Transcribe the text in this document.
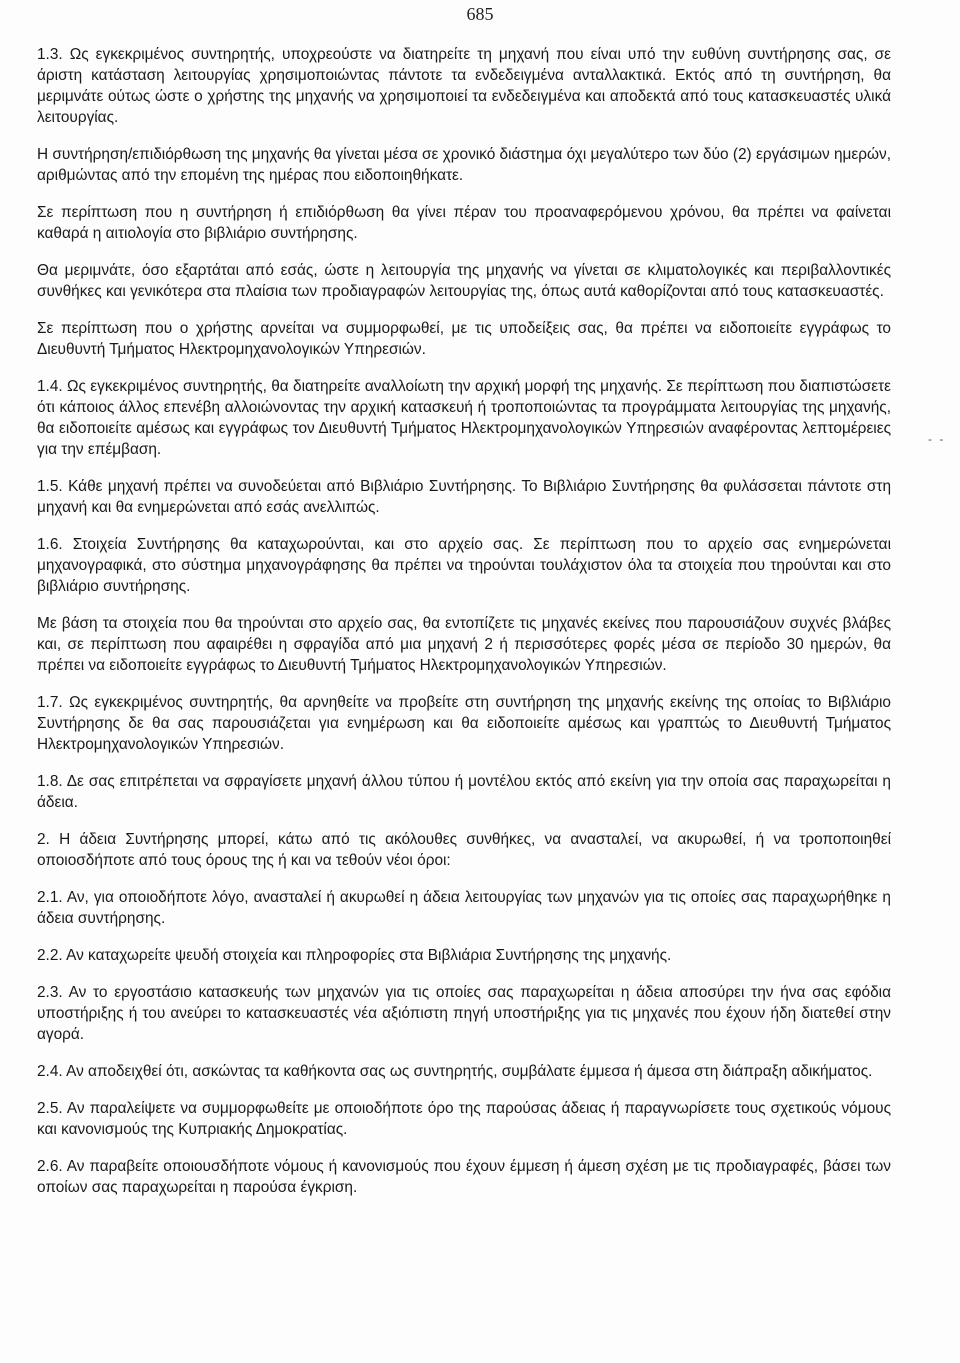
685

1.3. Ως εγκεκριμένος συντηρητής, υποχρεούστε να διατηρείτε τη μηχανή που είναι υπό την ευθύνη συντήρησης σας, σε άριστη κατάσταση λειτουργίας χρησιμοποιώντας πάντοτε τα ενδεδειγμένα ανταλλακτικά. Εκτός από τη συντήρηση, θα μεριμνάτε ούτως ώστε ο χρήστης της μηχανής να χρησιμοποιεί τα ενδεδειγμένα και αποδεκτά από τους κατασκευαστές υλικά λειτουργίας.

Η συντήρηση/επιδιόρθωση της μηχανής θα γίνεται μέσα σε χρονικό διάστημα όχι μεγαλύτερο των δύο (2) εργάσιμων ημερών, αριθμώντας από την επομένη της ημέρας που ειδοποιηθήκατε.

Σε περίπτωση που η συντήρηση ή επιδιόρθωση θα γίνει πέραν του προαναφερόμενου χρόνου, θα πρέπει να φαίνεται καθαρά η αιτιολογία στο βιβλιάριο συντήρησης.

Θα μεριμνάτε, όσο εξαρτάται από εσάς, ώστε η λειτουργία της μηχανής να γίνεται σε κλιματολογικές και περιβαλλοντικές συνθήκες και γενικότερα στα πλαίσια των προδιαγραφών λειτουργίας της, όπως αυτά καθορίζονται από τους κατασκευαστές.

Σε περίπτωση που ο χρήστης αρνείται να συμμορφωθεί, με τις υποδείξεις σας, θα πρέπει να ειδοποιείτε εγγράφως το Διευθυντή Τμήματος Ηλεκτρομηχανολογικών Υπηρεσιών.

1.4. Ως εγκεκριμένος συντηρητής, θα διατηρείτε αναλλοίωτη την αρχική μορφή της μηχανής. Σε περίπτωση που διαπιστώσετε ότι κάποιος άλλος επενέβη αλλοιώνοντας την αρχική κατασκευή ή τροποποιώντας τα προγράμματα λειτουργίας της μηχανής, θα ειδοποιείτε αμέσως και εγγράφως τον Διευθυντή Τμήματος Ηλεκτρομηχανολογικών Υπηρεσιών αναφέροντας λεπτομέρειες για την επέμβαση.

1.5. Κάθε μηχανή πρέπει να συνοδεύεται από Βιβλιάριο Συντήρησης. Το Βιβλιάριο Συντήρησης θα φυλάσσεται πάντοτε στη μηχανή και θα ενημερώνεται από εσάς ανελλιπώς.

1.6. Στοιχεία Συντήρησης θα καταχωρούνται, και στο αρχείο σας. Σε περίπτωση που το αρχείο σας ενημερώνεται μηχανογραφικά, στο σύστημα μηχανογράφησης θα πρέπει να τηρούνται τουλάχιστον όλα τα στοιχεία που τηρούνται και στο βιβλιάριο συντήρησης.

Με βάση τα στοιχεία που θα τηρούνται στο αρχείο σας, θα εντοπίζετε τις μηχανές εκείνες που παρουσιάζουν συχνές βλάβες και, σε περίπτωση που αφαιρέθει η σφραγίδα από μια μηχανή 2 ή περισσότερες φορές μέσα σε περίοδο 30 ημερών, θα πρέπει να ειδοποιείτε εγγράφως το Διευθυντή Τμήματος Ηλεκτρομηχανολογικών Υπηρεσιών.

1.7. Ως εγκεκριμένος συντηρητής, θα αρνηθείτε να προβείτε στη συντήρηση της μηχανής εκείνης της οποίας το Βιβλιάριο Συντήρησης δε θα σας παρουσιάζεται για ενημέρωση και θα ειδοποιείτε αμέσως και γραπτώς το Διευθυντή Τμήματος Ηλεκτρομηχανολογικών Υπηρεσιών.

1.8. Δε σας επιτρέπεται να σφραγίσετε μηχανή άλλου τύπου ή μοντέλου εκτός από εκείνη για την οποία σας παραχωρείται η άδεια.

2. Η άδεια Συντήρησης μπορεί, κάτω από τις ακόλουθες συνθήκες, να ανασταλεί, να ακυρωθεί, ή να τροποποιηθεί οποιοσδήποτε από τους όρους της ή και να τεθούν νέοι όροι:

2.1. Αν, για οποιοδήποτε λόγο, ανασταλεί ή ακυρωθεί η άδεια λειτουργίας των μηχανών για τις οποίες σας παραχωρήθηκε η άδεια συντήρησης.

2.2. Αν καταχωρείτε ψευδή στοιχεία και πληροφορίες στα Βιβλιάρια Συντήρησης της μηχανής.

2.3. Αν το εργοστάσιο κατασκευής των μηχανών για τις οποίες σας παραχωρείται η άδεια αποσύρει την ήνα σας εφόδια υποστήριξης ή του ανεύρει το κατασκευαστές νέα αξιόπιστη πηγή υποστήριξης για τις μηχανές που έχουν ήδη διατεθεί στην αγορά.

2.4. Αν αποδειχθεί ότι, ασκώντας τα καθήκοντα σας ως συντηρητής, συμβάλατε έμμεσα ή άμεσα στη διάπραξη αδικήματος.

2.5. Αν παραλείψετε να συμμορφωθείτε με οποιοδήποτε όρο της παρούσας άδειας ή παραγνωρίσετε τους σχετικούς νόμους και κανονισμούς της Κυπριακής Δημοκρατίας.

2.6. Αν παραβείτε οποιουσδήποτε νόμους ή κανονισμούς που έχουν έμμεση ή άμεση σχέση με τις προδιαγραφές, βάσει των οποίων σας παραχωρείται η παρούσα έγκριση.

- -
